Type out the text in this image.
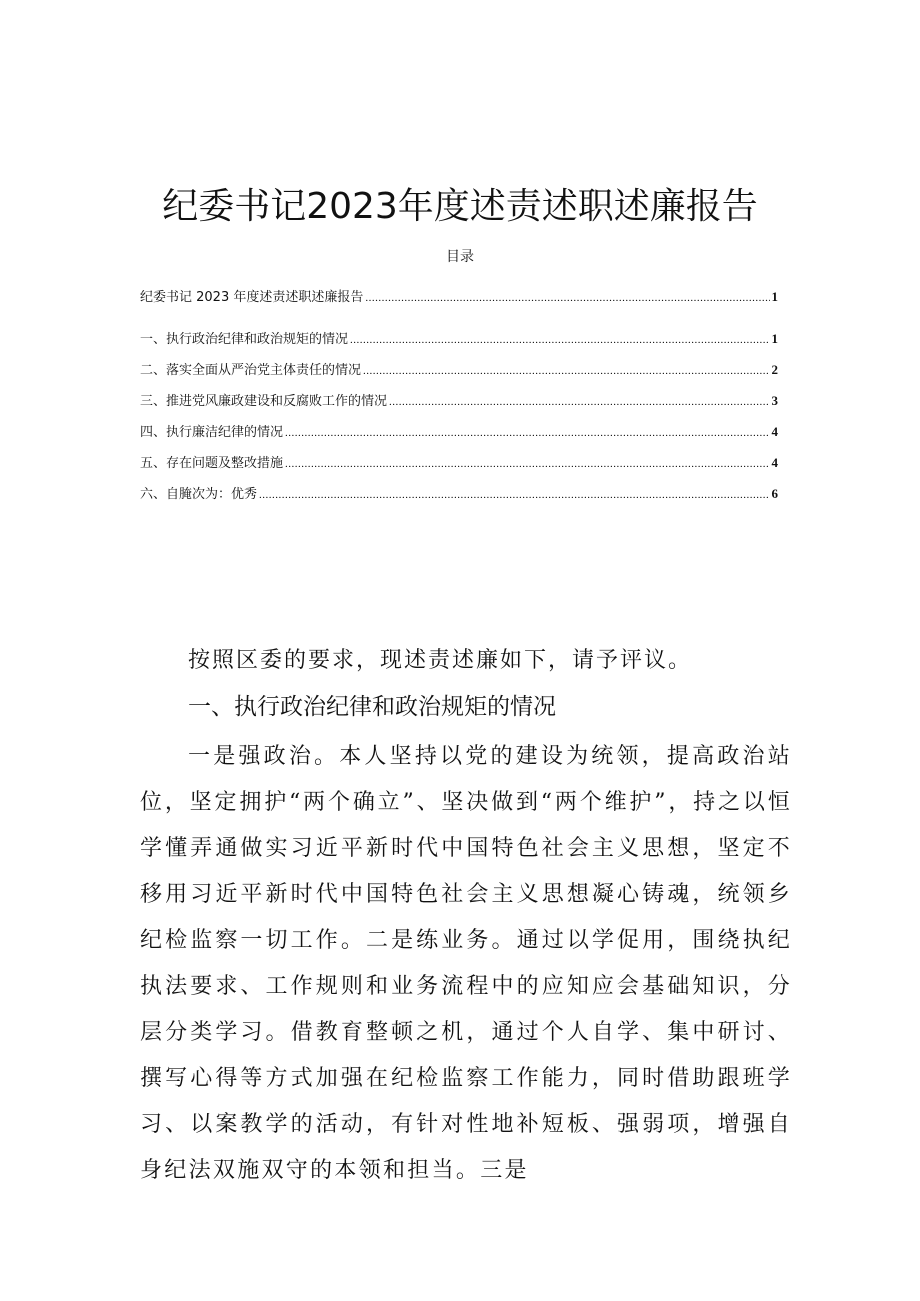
纪委书记2023年度述责述职述廉报告
目录
纪委书记 2023 年度述责述职述廉报告 .....	1
一、执行政治纪律和政治规矩的情况 .....	1
二、落实全面从严治党主体责任的情况 .....	2
三、推进党风廉政建设和反腐败工作的情况 .....	3
四、执行廉洁纪律的情况 .....	4
五、存在问题及整改措施 .....	4
六、自腌次为：优秀 .....	6

按照区委的要求，现述责述廉如下，请予评议。

一、执行政治纪律和政治规矩的情况

一是强政治。本人坚持以党的建设为统领，提高政治站位，坚定拥护“两个确立”、坚决做到“两个维护”，持之以恒学懂弄通做实习近平新时代中国特色社会主义思想，坚定不移用习近平新时代中国特色社会主义思想凝心铸魂，统领乡纪检监察一切工作。二是练业务。通过以学促用，围绕执纪执法要求、工作规则和业务流程中的应知应会基础知识，分层分类学习。借教育整顿之机，通过个人自学、集中研讨、撰写心得等方式加强在纪检监察工作能力，同时借助跟班学习、以案教学的活动，有针对性地补短板、强弱项，增强自身纪法双施双守的本领和担当。三是
